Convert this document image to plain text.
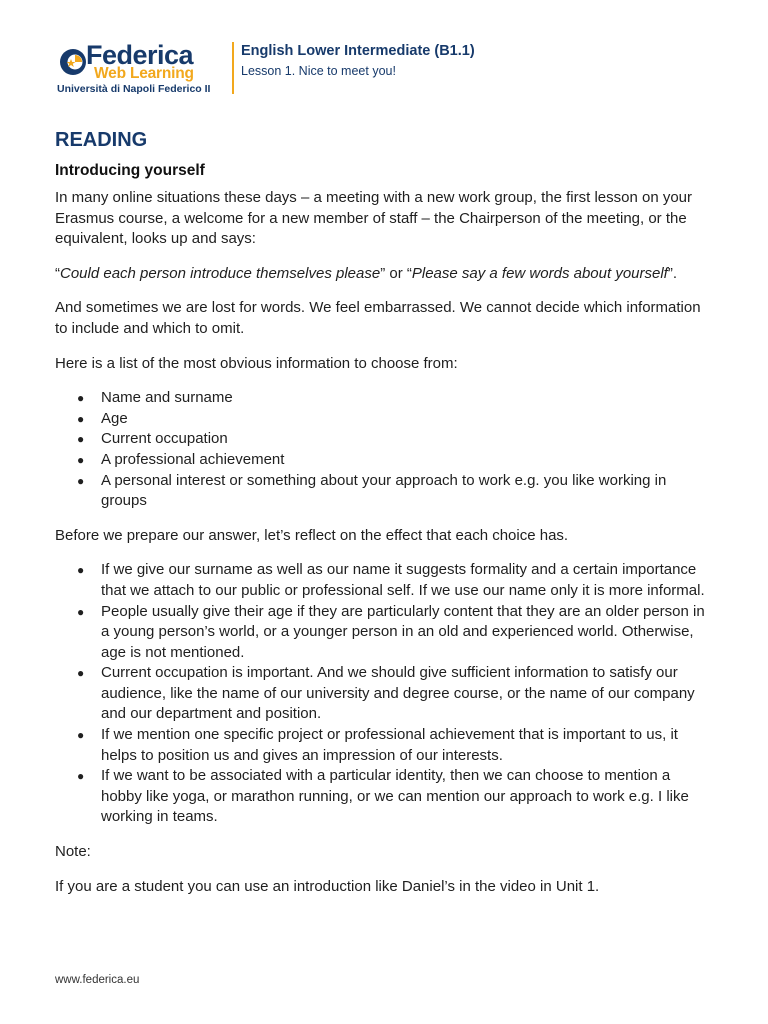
Federica
Web Learning
Università di Napoli Federico II
English Lower Intermediate (B1.1)
Lesson 1. Nice to meet you!
READING
Introducing yourself

In many online situations these days – a meeting with a new work group, the first lesson on your Erasmus course, a welcome for a new member of staff – the Chairperson of the meeting, or the equivalent, looks up and says:

“Could each person introduce themselves please” or “Please say a few words about yourself”.

And sometimes we are lost for words. We feel embarrassed. We cannot decide which information to include and which to omit.

Here is a list of the most obvious information to choose from:

● Name and surname
● Age
● Current occupation
● A professional achievement
● A personal interest or something about your approach to work e.g. you like working in groups

Before we prepare our answer, let’s reflect on the effect that each choice has.

● If we give our surname as well as our name it suggests formality and a certain importance that we attach to our public or professional self. If we use our name only it is more informal.
● People usually give their age if they are particularly content that they are an older person in a young person’s world, or a younger person in an old and experienced world. Otherwise, age is not mentioned.
● Current occupation is important. And we should give sufficient information to satisfy our audience, like the name of our university and degree course, or the name of our company and our department and position.
● If we mention one specific project or professional achievement that is important to us, it helps to position us and gives an impression of our interests.
● If we want to be associated with a particular identity, then we can choose to mention a hobby like yoga, or marathon running, or we can mention our approach to work e.g. I like working in teams.

Note:

If you are a student you can use an introduction like Daniel’s in the video in Unit 1.

www.federica.eu
